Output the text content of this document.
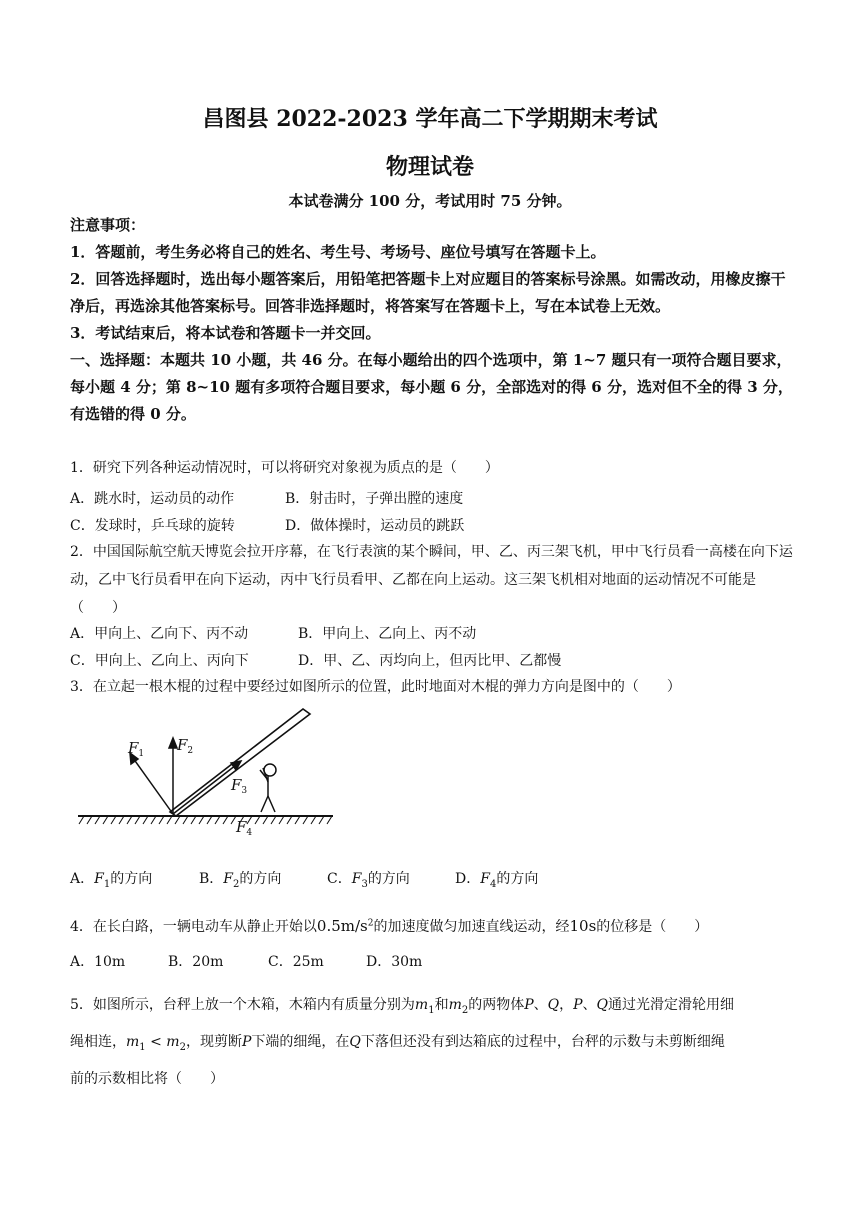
昌图县 2022-2023 学年高二下学期期末考试
物理试卷
本试卷满分 100 分，考试用时 75 分钟。
注意事项：
1．答题前，考生务必将自己的姓名、考生号、考场号、座位号填写在答题卡上。
2．回答选择题时，选出每小题答案后，用铅笔把答题卡上对应题目的答案标号涂黑。如需改动，用橡皮擦干净后，再选涂其他答案标号。回答非选择题时，将答案写在答题卡上，写在本试卷上无效。
3．考试结束后，将本试卷和答题卡一并交回。
一、选择题：本题共 10 小题，共 46 分。在每小题给出的四个选项中，第 1~7 题只有一项符合题目要求，每小题 4 分；第 8~10 题有多项符合题目要求，每小题 6 分，全部选对的得 6 分，选对但不全的得 3 分，有选错的得 0 分。
1．研究下列各种运动情况时，可以将研究对象视为质点的是（　　）
A．跳水时，运动员的动作	B．射击时，子弹出膛的速度
C．发球时，乒乓球的旋转	D．做体操时，运动员的跳跃
2．中国国际航空航天博览会拉开序幕，在飞行表演的某个瞬间，甲、乙、丙三架飞机，甲中飞行员看一高楼在向下运动，乙中飞行员看甲在向下运动，丙中飞行员看甲、乙都在向上运动。这三架飞机相对地面的运动情况不可能是（　　）
A．甲向上、乙向下、丙不动	B．甲向上、乙向上、丙不动
C．甲向上、乙向上、丙向下	D．甲、乙、丙均向上，但丙比甲、乙都慢
3．在立起一根木棍的过程中要经过如图所示的位置，此时地面对木棍的弹力方向是图中的（　　）
$F_1$ $F_2$
$F_3$
$F_4$
A．$F_1$的方向	B．$F_2$的方向	C．$F_3$的方向	D．$F_4$的方向
4．在长白路，一辆电动车从静止开始以$0.5m/s^2$的加速度做匀加速直线运动，经10s的位移是（　　）
A．10m	B．20m	C．25m	D．30m
5．如图所示，台秤上放一个木箱，木箱内有质量分别为$m_1$和$m_2$的两物体P、Q，P、Q通过光滑定滑轮用细
绳相连，$m_1 < m_2$，现剪断P下端的细绳，在Q下落但还没有到达箱底的过程中，台秤的示数与未剪断细绳
前的示数相比将（　　）
